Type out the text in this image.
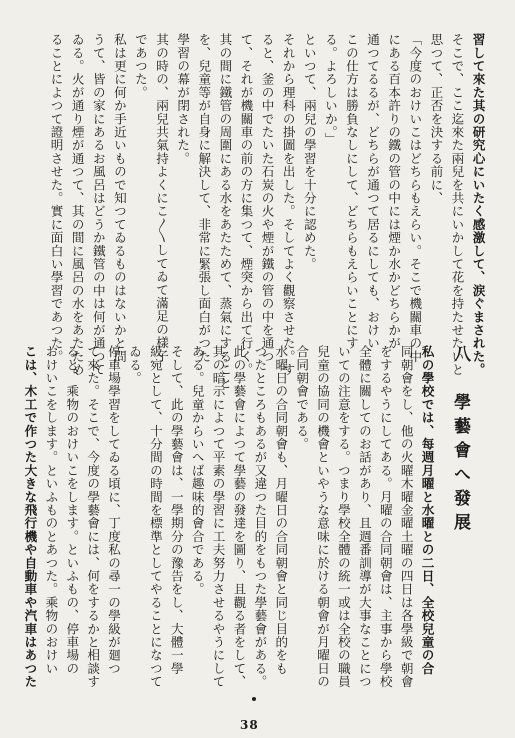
習して來た其の研究心にいたく感激して、涙ぐまされた。
そこで、ここ迄來た兩兒を共にいかして花を持たせたいと
思つて、正否を決する前に、
「今度のおけいこはどちらもえらい。そこで機關車の中
にある百本許りの鐵の管の中には煙か水かどちらかが
通つてるるが、どちらが通つて居るにしても、おけい
この仕方は勝負なしにして、どちらもえらいことにす
る。よろしいか。」
といつて、兩兒の學習を十分に認めた。
それから理科の掛圖を出した。そしてよく觀察させた。す
ると、釜の中でたいた石炭の火や煙が鐵の管の中を通つ
て、それが機關車の前の方に集つて、煙突から出て行く。
其の間に鐵管の周圍にある水をあたためて、蒸氣にすること
を、兒童等が自身に解決して、非常に緊張し面白がつた
學習の幕が閉された。
其の時の、兩兒共氣持よくにこ〱してゐて滿足の樣子
であつた。
私は更に何か手近いもので知つてゐるものはないかと問
うて、皆の家にあるお風呂はどうか鐵管の中は何が通つて
ゐる。火が通り煙が通つて、其の間に風呂の水をあたため
ることによつて證明させた。實に面白い學習であつた。
私の學校では、每週月曜と水曜との二日、全校兒童の合
同朝會をし、他の火曜木曜金曜土曜の四日は各學級で朝會
をするやうにしてある。月曜の合同朝會は、主事から學校
全體に關してのお話があり、且週番訓導が大事なことにつ
いての注意をする。つまり學校全體の統一或は全校の職員
兒童の協同の機會といやうな意味に於ける朝會が月曜日の
合同朝會である。
水曜日の合同朝會も、月曜日の合同朝會と同じ目的をも
つたところもあるが又違つた目的をもつた學藝會がある。
此の學藝會によつて學藝の發達を圖り、且觀る者をして、
其の暗示によつて平素の學習に工夫努力させるやうにして
ある。兒童からいへば趣味的會合である。
そして、此の學藝會は、一學期分の豫告をし、大體一學
級宛として、十分間の時間を標準としてやることになつて
ゐる。
停車場學習をしてゐる頃に、丁度私の尋一の學級が廻つ
て來た。そこで、今度の學藝會には、何をするかと相談す
ると、乘物のおけいこをします。といふもの、停車場の
おけいこをします。といふものとあつた。乘物のおけい
こは、木工で作つた大きな飛行機や自動車や汽車はあつた	八　學藝會へ發展
38
